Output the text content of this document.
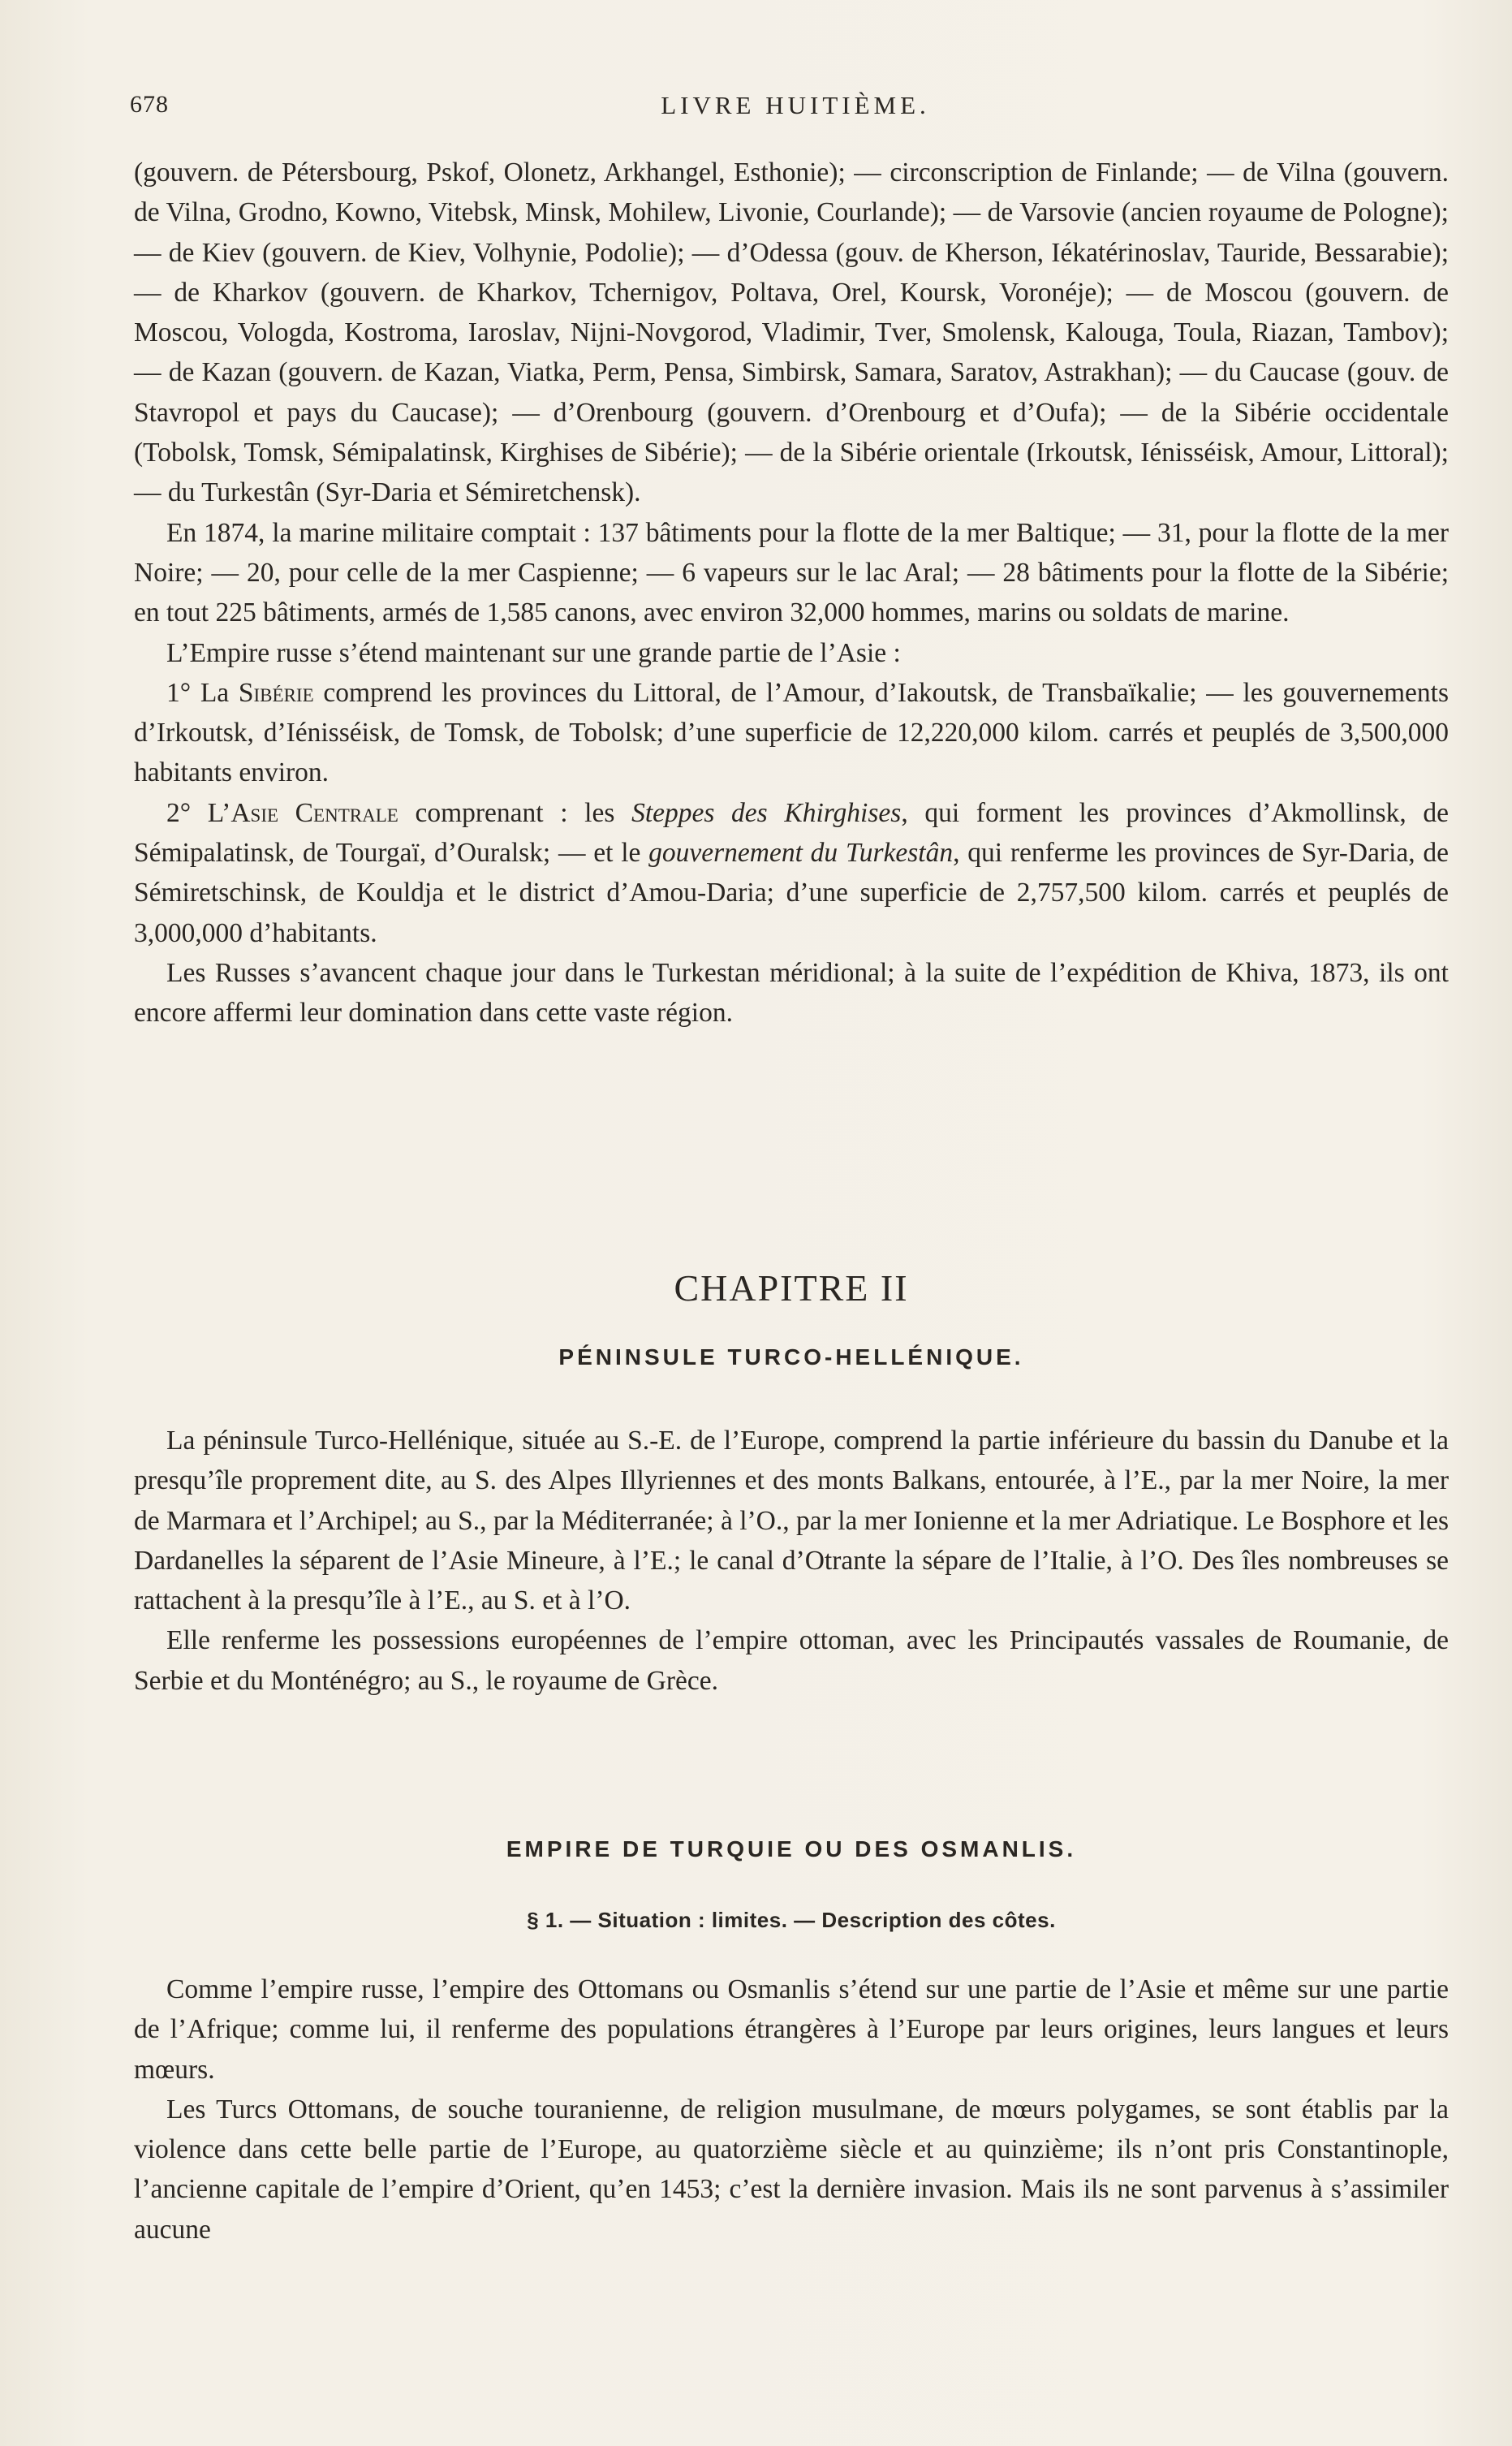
678	LIVRE HUITIÈME.

(gouvern. de Pétersbourg, Pskof, Olonetz, Arkhangel, Esthonie); — circonscription de Finlande; — de Vilna (gouvern. de Vilna, Grodno, Kowno, Vitebsk, Minsk, Mohilew, Livonie, Courlande); — de Varsovie (ancien royaume de Pologne); — de Kiev (gouvern. de Kiev, Volhynie, Podolie); — d’Odessa (gouv. de Kherson, Iékatérinoslav, Tauride, Bessarabie); — de Kharkov (gouvern. de Kharkov, Tchernigov, Poltava, Orel, Koursk, Voronéje); — de Moscou (gouvern. de Moscou, Vologda, Kostroma, Iaroslav, Nijni-Novgorod, Vladimir, Tver, Smolensk, Kalouga, Toula, Riazan, Tambov); — de Kazan (gouvern. de Kazan, Viatka, Perm, Pensa, Simbirsk, Samara, Saratov, Astrakhan); — du Caucase (gouv. de Stavropol et pays du Caucase); — d’Orenbourg (gouvern. d’Orenbourg et d’Oufa); — de la Sibérie occidentale (Tobolsk, Tomsk, Sémipalatinsk, Kirghises de Sibérie); — de la Sibérie orientale (Irkoutsk, Iénisséisk, Amour, Littoral); — du Turkestân (Syr-Daria et Sémiretchensk).

En 1874, la marine militaire comptait : 137 bâtiments pour la flotte de la mer Baltique; — 31, pour la flotte de la mer Noire; — 20, pour celle de la mer Caspienne; — 6 vapeurs sur le lac Aral; — 28 bâtiments pour la flotte de la Sibérie; en tout 225 bâtiments, armés de 1,585 canons, avec environ 32,000 hommes, marins ou soldats de marine.

L’Empire russe s’étend maintenant sur une grande partie de l’Asie :

1° La Sibérie comprend les provinces du Littoral, de l’Amour, d’Iakoutsk, de Transbaïkalie; — les gouvernements d’Irkoutsk, d’Iénisséisk, de Tomsk, de Tobolsk; d’une superficie de 12,220,000 kilom. carrés et peuplés de 3,500,000 habitants environ.

2° L’Asie Centrale comprenant : les Steppes des Khirghises, qui forment les provinces d’Akmollinsk, de Sémipalatinsk, de Tourgaï, d’Ouralsk; — et le gouvernement du Turkestân, qui renferme les provinces de Syr-Daria, de Sémiretschinsk, de Kouldja et le district d’Amou-Daria; d’une superficie de 2,757,500 kilom. carrés et peuplés de 3,000,000 d’habitants.

Les Russes s’avancent chaque jour dans le Turkestan méridional; à la suite de l’expédition de Khiva, 1873, ils ont encore affermi leur domination dans cette vaste région.

CHAPITRE II
PÉNINSULE TURCO-HELLÉNIQUE.

La péninsule Turco-Hellénique, située au S.-E. de l’Europe, comprend la partie inférieure du bassin du Danube et la presqu’île proprement dite, au S. des Alpes Illyriennes et des monts Balkans, entourée, à l’E., par la mer Noire, la mer de Marmara et l’Archipel; au S., par la Méditerranée; à l’O., par la mer Ionienne et la mer Adriatique. Le Bosphore et les Dardanelles la séparent de l’Asie Mineure, à l’E.; le canal d’Otrante la sépare de l’Italie, à l’O. Des îles nombreuses se rattachent à la presqu’île à l’E., au S. et à l’O.

Elle renferme les possessions européennes de l’empire ottoman, avec les Principautés vassales de Roumanie, de Serbie et du Monténégro; au S., le royaume de Grèce.

EMPIRE DE TURQUIE OU DES OSMANLIS.
§ 1. — Situation : limites. — Description des côtes.

Comme l’empire russe, l’empire des Ottomans ou Osmanlis s’étend sur une partie de l’Asie et même sur une partie de l’Afrique; comme lui, il renferme des populations étrangères à l’Europe par leurs origines, leurs langues et leurs mœurs.

Les Turcs Ottomans, de souche touranienne, de religion musulmane, de mœurs polygames, se sont établis par la violence dans cette belle partie de l’Europe, au quatorzième siècle et au quinzième; ils n’ont pris Constantinople, l’ancienne capitale de l’empire d’Orient, qu’en 1453; c’est la dernière invasion. Mais ils ne sont parvenus à s’assimiler aucune
